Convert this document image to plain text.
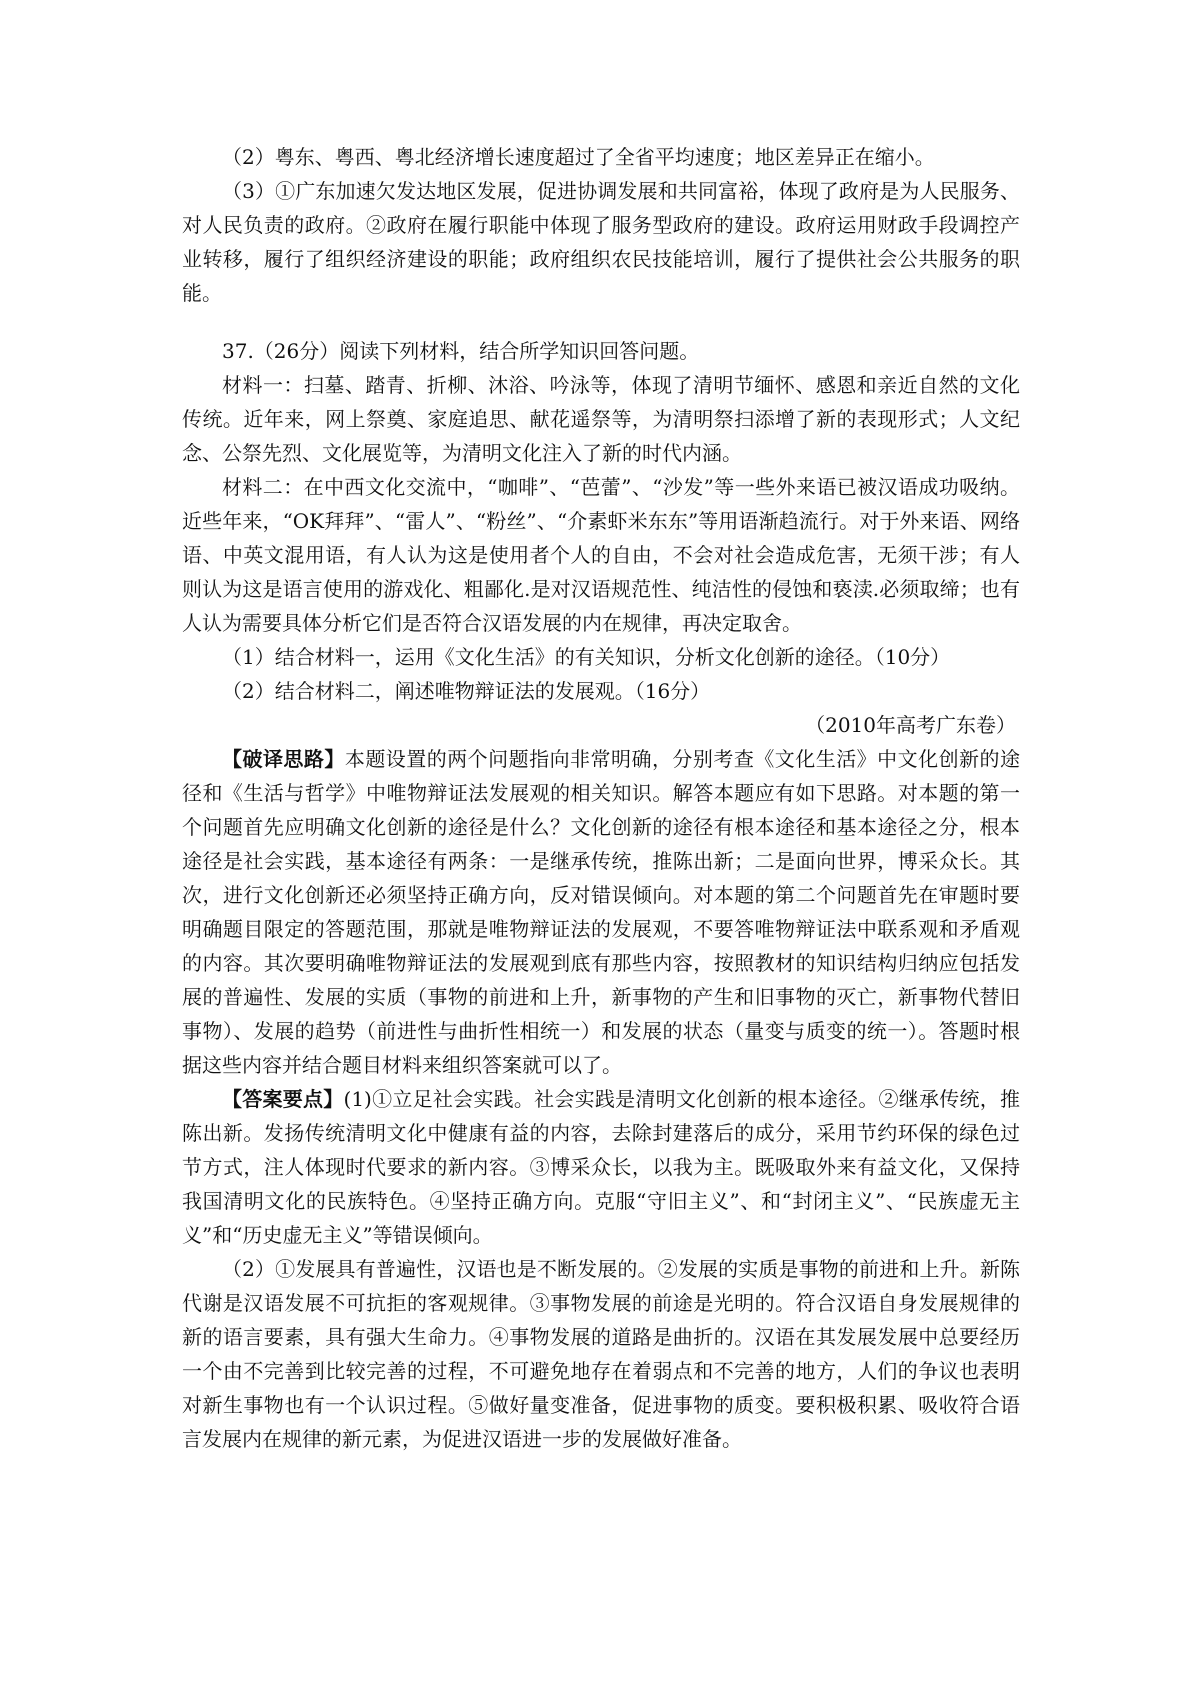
（2）粤东、粤西、粤北经济增长速度超过了全省平均速度；地区差异正在缩小。

（3）①广东加速欠发达地区发展，促进协调发展和共同富裕，体现了政府是为人民服务、对人民负责的政府。②政府在履行职能中体现了服务型政府的建设。政府运用财政手段调控产业转移，履行了组织经济建设的职能；政府组织农民技能培训，履行了提供社会公共服务的职能。

37.（26分）阅读下列材料，结合所学知识回答问题。

材料一：扫墓、踏青、折柳、沐浴、吟泳等，体现了清明节缅怀、感恩和亲近自然的文化传统。近年来，网上祭奠、家庭追思、献花遥祭等，为清明祭扫添增了新的表现形式；人文纪念、公祭先烈、文化展览等，为清明文化注入了新的时代内涵。

材料二：在中西文化交流中，“咖啡”、“芭蕾”、“沙发”等一些外来语已被汉语成功吸纳。近些年来，“OK拜拜”、“雷人”、“粉丝”、“介素虾米东东”等用语渐趋流行。对于外来语、网络语、中英文混用语，有人认为这是使用者个人的自由，不会对社会造成危害，无须干涉；有人则认为这是语言使用的游戏化、粗鄙化.是对汉语规范性、纯洁性的侵蚀和亵渎.必须取缔；也有人认为需要具体分析它们是否符合汉语发展的内在规律，再决定取舍。

（1）结合材料一，运用《文化生活》的有关知识，分析文化创新的途径。（10分）

（2）结合材料二，阐述唯物辩证法的发展观。（16分）

（2010年高考广东卷）

【破译思路】本题设置的两个问题指向非常明确，分别考查《文化生活》中文化创新的途径和《生活与哲学》中唯物辩证法发展观的相关知识。解答本题应有如下思路。对本题的第一个问题首先应明确文化创新的途径是什么？文化创新的途径有根本途径和基本途径之分，根本途径是社会实践，基本途径有两条：一是继承传统，推陈出新；二是面向世界，博采众长。其次，进行文化创新还必须坚持正确方向，反对错误倾向。对本题的第二个问题首先在审题时要明确题目限定的答题范围，那就是唯物辩证法的发展观，不要答唯物辩证法中联系观和矛盾观的内容。其次要明确唯物辩证法的发展观到底有那些内容，按照教材的知识结构归纳应包括发展的普遍性、发展的实质（事物的前进和上升，新事物的产生和旧事物的灭亡，新事物代替旧事物）、发展的趋势（前进性与曲折性相统一）和发展的状态（量变与质变的统一）。答题时根据这些内容并结合题目材料来组织答案就可以了。

【答案要点】(1)①立足社会实践。社会实践是清明文化创新的根本途径。②继承传统，推陈出新。发扬传统清明文化中健康有益的内容，去除封建落后的成分，采用节约环保的绿色过节方式，注人体现时代要求的新内容。③博采众长，以我为主。既吸取外来有益文化，又保持我国清明文化的民族特色。④坚持正确方向。克服“守旧主义”、和“封闭主义”、“民族虚无主义”和“历史虚无主义”等错误倾向。

（2）①发展具有普遍性，汉语也是不断发展的。②发展的实质是事物的前进和上升。新陈代谢是汉语发展不可抗拒的客观规律。③事物发展的前途是光明的。符合汉语自身发展规律的新的语言要素，具有强大生命力。④事物发展的道路是曲折的。汉语在其发展发展中总要经历一个由不完善到比较完善的过程，不可避免地存在着弱点和不完善的地方，人们的争议也表明对新生事物也有一个认识过程。⑤做好量变准备，促进事物的质变。要积极积累、吸收符合语言发展内在规律的新元素，为促进汉语进一步的发展做好准备。
